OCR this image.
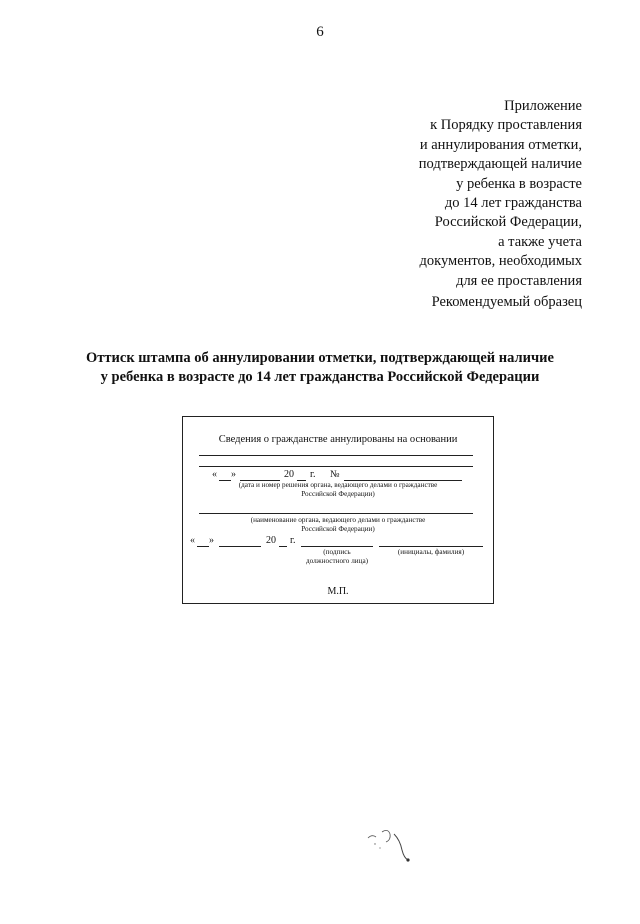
6
Приложение
к Порядку проставления
и аннулирования отметки,
подтверждающей наличие
у ребенка в возрасте
до 14 лет гражданства
Российской Федерации,
а также учета
документов, необходимых
для ее проставления
Рекомендуемый образец
Оттиск штампа об аннулировании отметки, подтверждающей наличие
у ребенка в возрасте до 14 лет гражданства Российской Федерации
Сведения о гражданстве аннулированы на основании
« »	20 г. №
(дата и номер решения органа, ведающего делами о гражданстве
Российской Федерации)
(наименование органа, ведающего делами о гражданстве
Российской Федерации)
« »	20 г.
(подпись
должностного лица)
(инициалы, фамилия)
М.П.
